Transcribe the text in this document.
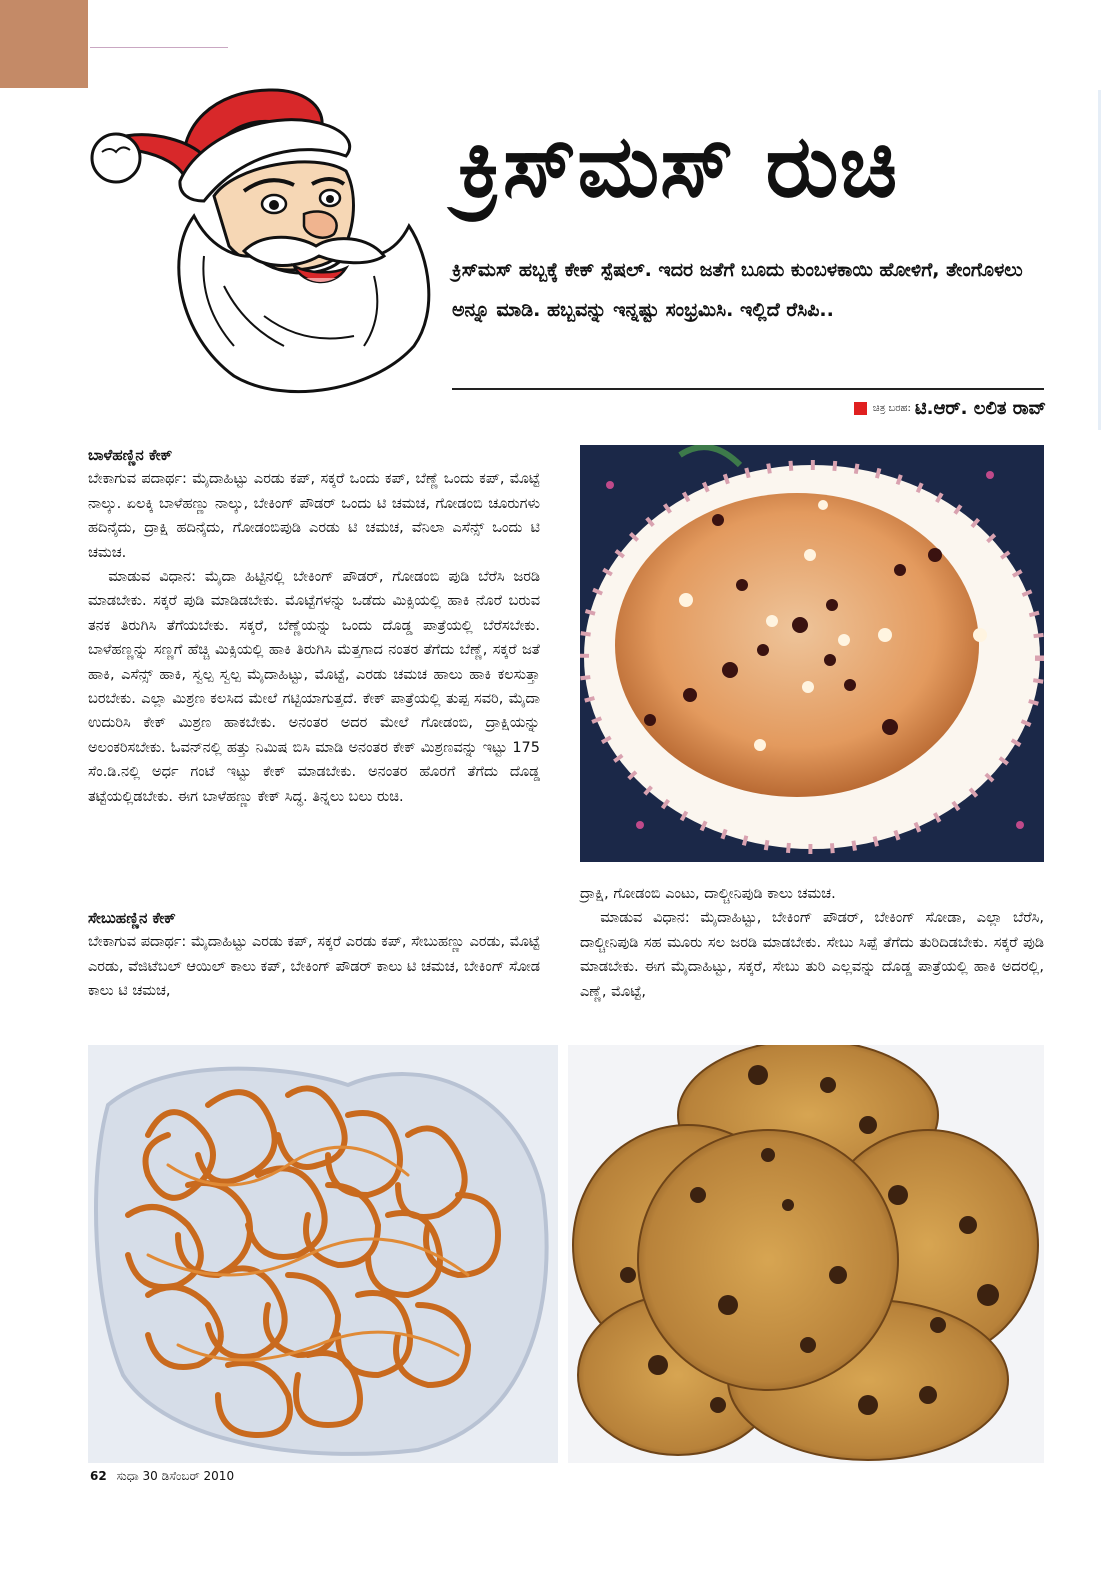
ಕ್ರಿಸ್‌ಮಸ್ ರುಚಿ

ಕ್ರಿಸ್‌ಮಸ್ ಹಬ್ಬಕ್ಕೆ ಕೇಕ್ ಸ್ಪೆಷಲ್. ಇದರ ಜತೆಗೆ ಬೂದು ಕುಂಬಳಕಾಯಿ ಹೋಳಿಗೆ, ತೇಂಗೊಳಲು ಅನ್ನೂ ಮಾಡಿ. ಹಬ್ಬವನ್ನು ಇನ್ನಷ್ಟು ಸಂಭ್ರಮಿಸಿ. ಇಲ್ಲಿದೆ ರೆಸಿಪಿ..

ಚಿತ್ರ ಬರಹ: ಟಿ.ಆರ್. ಲಲಿತ ರಾವ್
ಬಾಳೆಹಣ್ಣಿನ ಕೇಕ್
ಬೇಕಾಗುವ ಪದಾರ್ಥ: ಮೈದಾಹಿಟ್ಟು ಎರಡು ಕಪ್, ಸಕ್ಕರೆ ಒಂದು ಕಪ್, ಬೆಣ್ಣೆ ಒಂದು ಕಪ್, ಮೊಟ್ಟೆ ನಾಲ್ಕು. ಏಲಕ್ಕಿ ಬಾಳೆಹಣ್ಣು ನಾಲ್ಕು, ಬೇಕಿಂಗ್ ಪೌಡರ್ ಒಂದು ಟಿ ಚಮಚ, ಗೋಡಂಬಿ ಚೂರುಗಳು ಹದಿನೈದು, ದ್ರಾಕ್ಷಿ ಹದಿನೈದು, ಗೋಡಂಬಿಪುಡಿ ಎರಡು ಟಿ ಚಮಚ, ವೆನಿಲಾ ಎಸೆನ್ಸ್ ಒಂದು ಟಿ ಚಮಚ.
ಮಾಡುವ ವಿಧಾನ: ಮೈದಾ ಹಿಟ್ಟಿನಲ್ಲಿ ಬೇಕಿಂಗ್ ಪೌಡರ್, ಗೋಡಂಬಿ ಪುಡಿ ಬೆರೆಸಿ ಜರಡಿ ಮಾಡಬೇಕು. ಸಕ್ಕರೆ ಪುಡಿ ಮಾಡಿಡಬೇಕು. ಮೊಟ್ಟೆಗಳನ್ನು ಒಡೆದು ಮಿಕ್ಸಿಯಲ್ಲಿ ಹಾಕಿ ನೊರೆ ಬರುವ ತನಕ ತಿರುಗಿಸಿ ತೆಗೆಯಬೇಕು. ಸಕ್ಕರೆ, ಬೆಣ್ಣೆಯನ್ನು ಒಂದು ದೊಡ್ಡ ಪಾತ್ರೆಯಲ್ಲಿ ಬೆರೆಸಬೇಕು. ಬಾಳೆಹಣ್ಣನ್ನು ಸಣ್ಣಗೆ ಹೆಚ್ಚಿ ಮಿಕ್ಸಿಯಲ್ಲಿ ಹಾಕಿ ತಿರುಗಿಸಿ ಮೆತ್ತಗಾದ ನಂತರ ತೆಗೆದು ಬೆಣ್ಣೆ, ಸಕ್ಕರೆ ಜತೆ ಹಾಕಿ, ಎಸೆನ್ಸ್ ಹಾಕಿ, ಸ್ವಲ್ಪ ಸ್ವಲ್ಪ ಮೈದಾಹಿಟ್ಟು, ಮೊಟ್ಟೆ, ಎರಡು ಚಮಚ ಹಾಲು ಹಾಕಿ ಕಲಸುತ್ತಾ ಬರಬೇಕು. ಎಲ್ಲಾ ಮಿಶ್ರಣ ಕಲಸಿದ ಮೇಲೆ ಗಟ್ಟಿಯಾಗುತ್ತದೆ. ಕೇಕ್ ಪಾತ್ರೆಯಲ್ಲಿ ತುಪ್ಪ ಸವರಿ, ಮೈದಾ ಉದುರಿಸಿ ಕೇಕ್ ಮಿಶ್ರಣ ಹಾಕಬೇಕು. ಅನಂತರ ಅದರ ಮೇಲೆ ಗೋಡಂಬಿ, ದ್ರಾಕ್ಷಿಯನ್ನು ಅಲಂಕರಿಸಬೇಕು. ಓವನ್‌ನಲ್ಲಿ ಹತ್ತು ನಿಮಿಷ ಬಿಸಿ ಮಾಡಿ ಅನಂತರ ಕೇಕ್ ಮಿಶ್ರಣವನ್ನು ಇಟ್ಟು 175 ಸೆಂ.ಡಿ.ನಲ್ಲಿ ಅರ್ಧ ಗಂಟೆ ಇಟ್ಟು ಕೇಕ್ ಮಾಡಬೇಕು. ಅನಂತರ ಹೊರಗೆ ತೆಗೆದು ದೊಡ್ಡ ತಟ್ಟೆಯಲ್ಲಿಡಬೇಕು. ಈಗ ಬಾಳೆಹಣ್ಣು ಕೇಕ್ ಸಿದ್ಧ. ತಿನ್ನಲು ಬಲು ರುಚಿ.
ಸೇಬುಹಣ್ಣಿನ ಕೇಕ್
ಬೇಕಾಗುವ ಪದಾರ್ಥ: ಮೈದಾಹಿಟ್ಟು ಎರಡು ಕಪ್, ಸಕ್ಕರೆ ಎರಡು ಕಪ್, ಸೇಬುಹಣ್ಣು ಎರಡು, ಮೊಟ್ಟೆ ಎರಡು, ವೆಜಿಟೆಬಲ್ ಆಯಿಲ್ ಕಾಲು ಕಪ್, ಬೇಕಿಂಗ್ ಪೌಡರ್ ಕಾಲು ಟಿ ಚಮಚ, ಬೇಕಿಂಗ್ ಸೋಡ ಕಾಲು ಟಿ ಚಮಚ,
ದ್ರಾಕ್ಷಿ, ಗೋಡಂಬಿ ಎಂಟು, ದಾಲ್ಚೀನಿಪುಡಿ ಕಾಲು ಚಮಚ.
ಮಾಡುವ ವಿಧಾನ: ಮೈದಾಹಿಟ್ಟು, ಬೇಕಿಂಗ್ ಪೌಡರ್, ಬೇಕಿಂಗ್ ಸೋಡಾ, ಎಲ್ಲಾ ಬೆರೆಸಿ, ದಾಲ್ಚೀನಿಪುಡಿ ಸಹ ಮೂರು ಸಲ ಜರಡಿ ಮಾಡಬೇಕು. ಸೇಬು ಸಿಪ್ಪೆ ತೆಗೆದು ತುರಿದಿಡಬೇಕು. ಸಕ್ಕರೆ ಪುಡಿ ಮಾಡಬೇಕು. ಈಗ ಮೈದಾಹಿಟ್ಟು, ಸಕ್ಕರೆ, ಸೇಬು ತುರಿ ಎಲ್ಲವನ್ನು ದೊಡ್ಡ ಪಾತ್ರೆಯಲ್ಲಿ ಹಾಕಿ ಅದರಲ್ಲಿ, ಎಣ್ಣೆ, ಮೊಟ್ಟೆ,
62 ಸುಧಾ 30 ಡಿಸೆಂಬರ್ 2010
